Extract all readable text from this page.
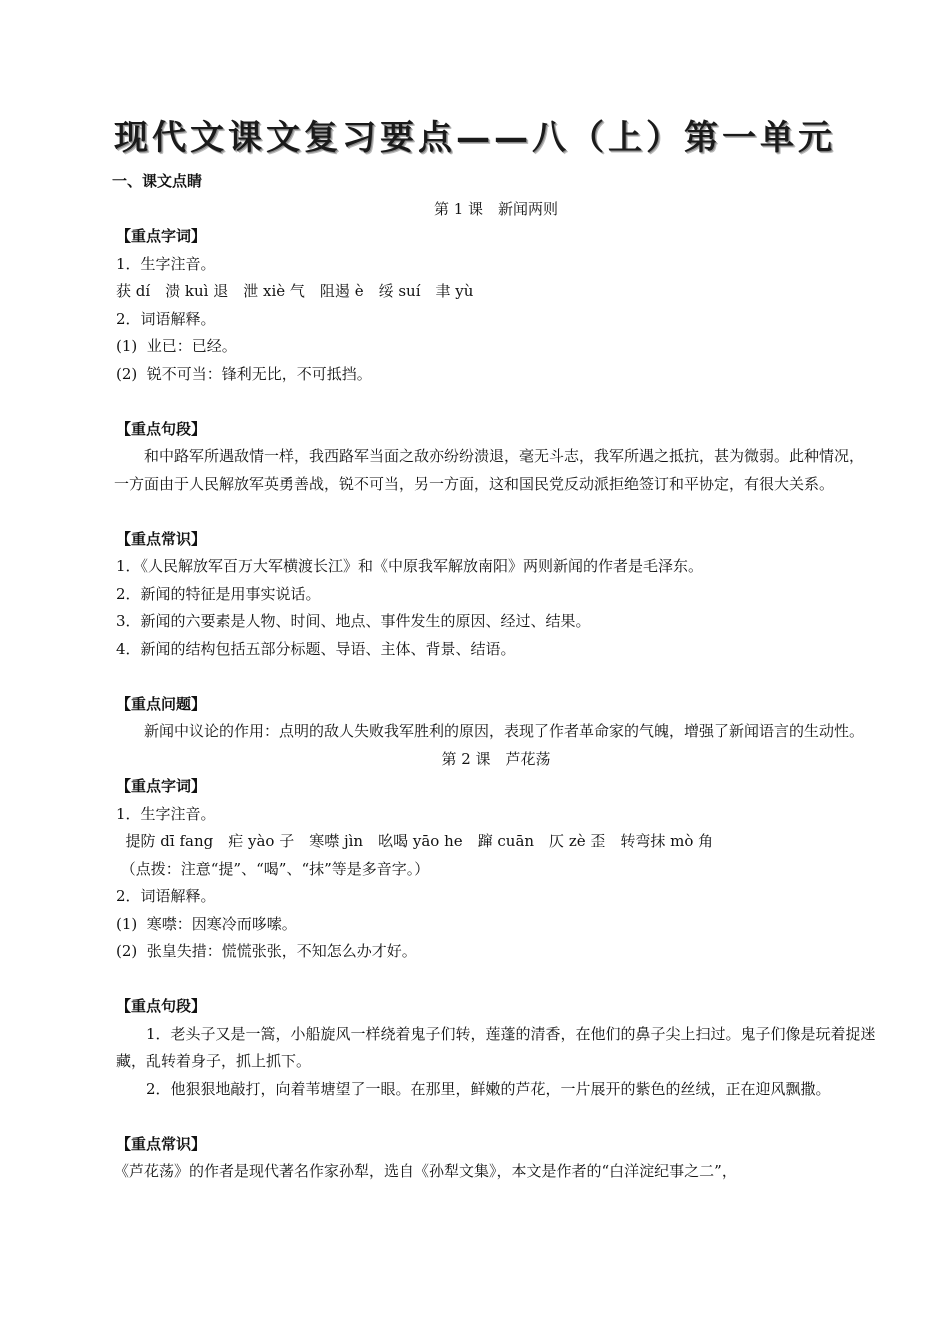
现代文课文复习要点——八（上）第一单元
一、课文点睛
第 1 课　新闻两则
【重点字词】
1．生字注音。
获 dí　溃 kuì 退　泄 xiè 气　阻遏 è　绥 suí　聿 yù
2．词语解释。
(1)  业已：已经。
(2)  锐不可当：锋利无比，不可抵挡。
【重点句段】
和中路军所遇敌情一样，我西路军当面之敌亦纷纷溃退，毫无斗志，我军所遇之抵抗，甚为微弱。此种情况，一方面由于人民解放军英勇善战，锐不可当，另一方面，这和国民党反动派拒绝签订和平协定，有很大关系。
【重点常识】
1．《人民解放军百万大军横渡长江》和《中原我军解放南阳》两则新闻的作者是毛泽东。
2．新闻的特征是用事实说话。
3．新闻的六要素是人物、时间、地点、事件发生的原因、经过、结果。
4．新闻的结构包括五部分标题、导语、主体、背景、结语。
【重点问题】
新闻中议论的作用：点明的敌人失败我军胜利的原因，表现了作者革命家的气魄，增强了新闻语言的生动性。
第 2 课　芦花荡
【重点字词】
1．生字注音。
提防 dī fang　疟 yào 子　寒噤 jìn　吆喝 yāo he　蹿 cuān　仄 zè 歪　转弯抹 mò 角
（点拨：注意“提”、“喝”、“抹”等是多音字。）
2．词语解释。
(1)  寒噤：因寒冷而哆嗦。
(2)  张皇失措：慌慌张张，不知怎么办才好。
【重点句段】
1．老头子又是一篙，小船旋风一样绕着鬼子们转，莲蓬的清香，在他们的鼻子尖上扫过。鬼子们像是玩着捉迷藏，乱转着身子，抓上抓下。
2．他狠狠地敲打，向着苇塘望了一眼。在那里，鲜嫩的芦花，一片展开的紫色的丝绒，正在迎风飘撒。
【重点常识】
《芦花荡》的作者是现代著名作家孙犁，选自《孙犁文集》，本文是作者的“白洋淀纪事之二”，
